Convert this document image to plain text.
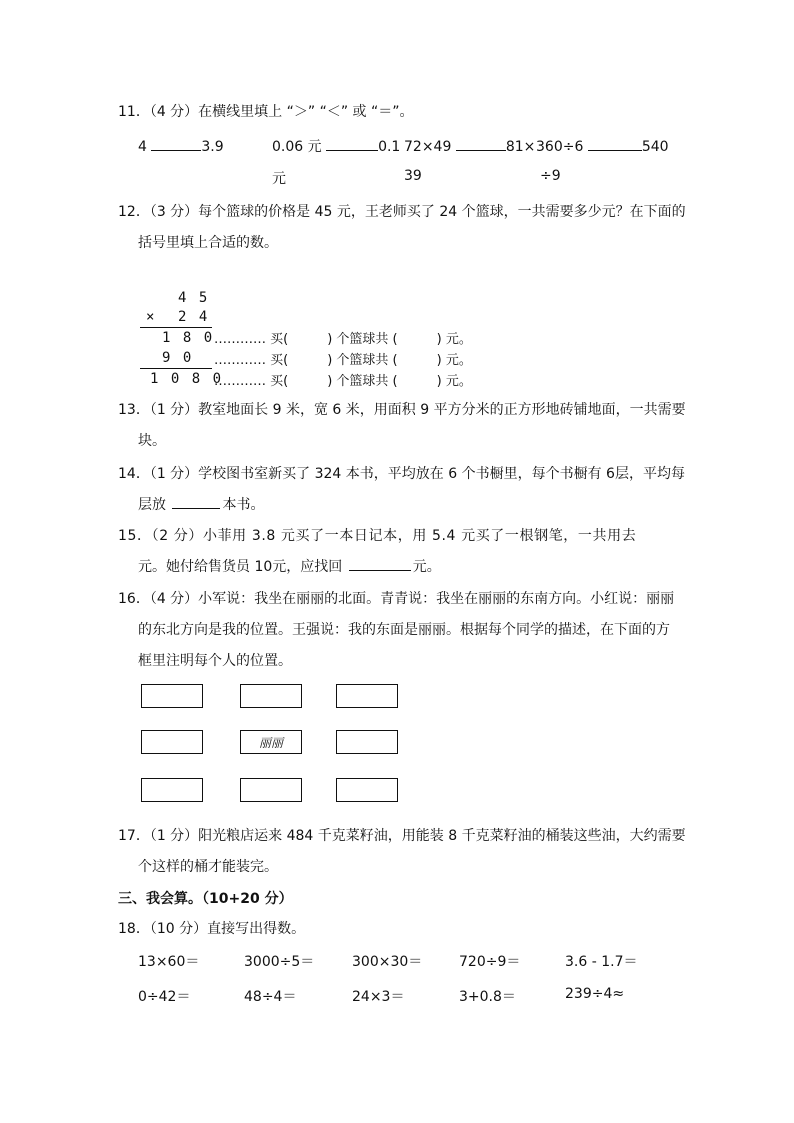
11．（4 分）在横线里填上 “＞” “＜” 或 “＝”。
4	3.9	0.06 元	0.1 72×49	81× 360÷6	540
元	39	÷9
12．（3 分）每个篮球的价格是 45 元，王老师买了 24 个篮球，一共需要多少元？在下面的
括号里填上合适的数。
4 5
× 2 4
1 8 0 ………… 买(　　　) 个篮球共 (　　　) 元。
9 0 ………… 买(　　　) 个篮球共 (　　　) 元。
1 0 8 0
………… 买(　　　) 个篮球共 (　　　) 元。
13．（1 分）教室地面长 9 米，宽 6 米，用面积 9 平方分米的正方形地砖铺地面，一共需要
块。
14．（1 分）学校图书室新买了 324 本书，平均放在 6 个书橱里，每个书橱有 6层，平均每
层放	本书。
15．（2 分）小菲用 3.8 元买了一本日记本，用 5.4 元买了一根钢笔，一共用去
元。她付给售货员 10元，应找回	元。
16．（4 分）小军说：我坐在丽丽的北面。青青说：我坐在丽丽的东南方向。小红说：丽丽
的东北方向是我的位置。王强说：我的东面是丽丽。根据每个同学的描述，在下面的方
框里注明每个人的位置。
丽丽
17．（1 分）阳光粮店运来 484 千克菜籽油，用能装 8 千克菜籽油的桶装这些油，大约需要
个这样的桶才能装完。
三、我会算。（10+20 分）
18．（10 分）直接写出得数。
13×60＝	3000÷5＝	300×30＝	720÷9＝	3.6 - 1.7＝
0÷42＝	48÷4＝	24×3＝	3+0.8＝	239÷4≈
